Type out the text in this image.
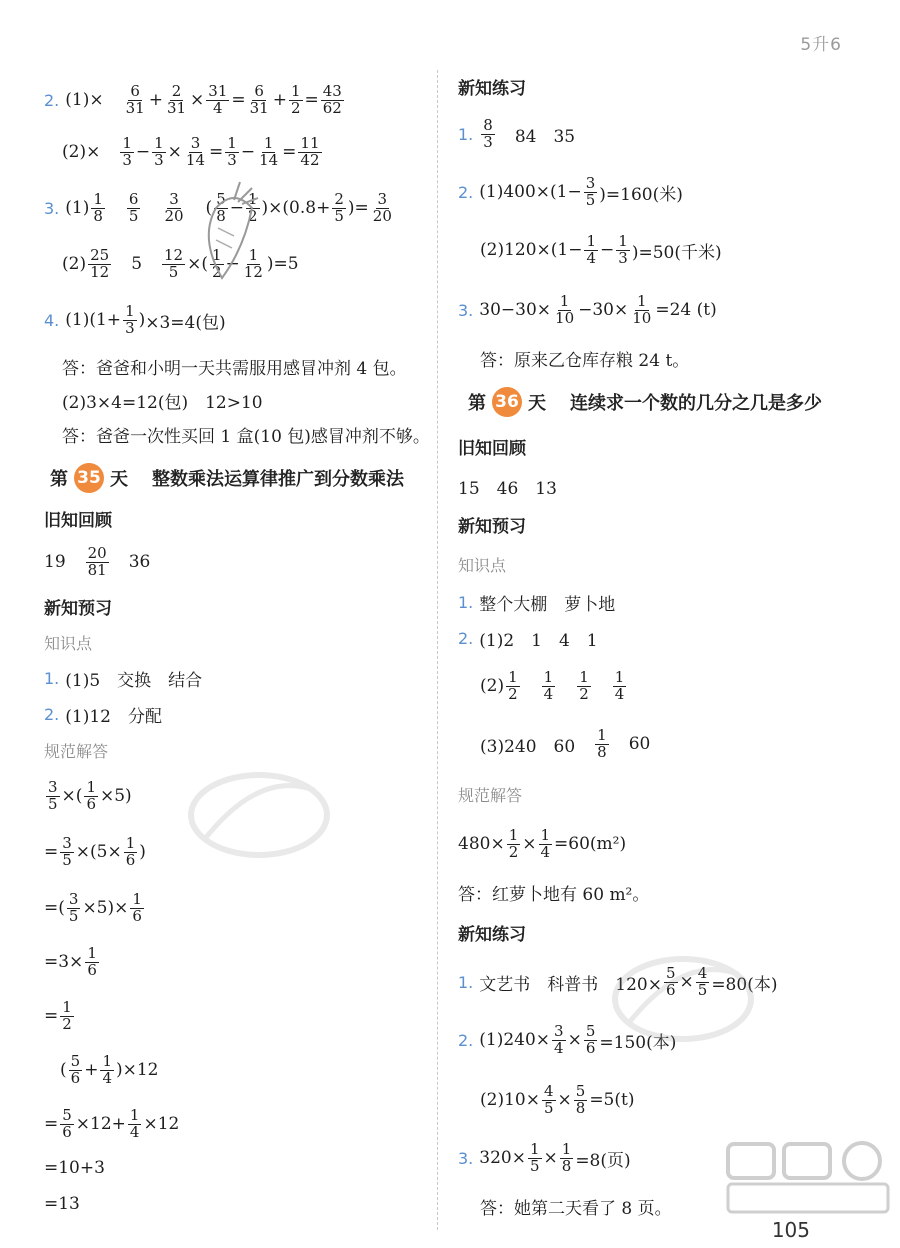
5升6
2. $(1)\times \frac{6}{31} + \frac{2}{31} \times \frac{31}{4} = \frac{6}{31} + \frac{1}{2} = \frac{43}{62}$
$(2)\times \frac{1}{3} - \frac{1}{3} \times \frac{3}{14} = \frac{1}{3} - \frac{1}{14} = \frac{11}{42}$
3. $(1) \frac{1}{8} \frac{6}{5} \frac{3}{20}$ ( $\frac{5}{8} - \frac{1}{2}$ )×( $0.8 + \frac{2}{5}$ )= $\frac{3}{20}$
$(2) \frac{25}{12} 5 \frac{12}{5}$ ×( $\frac{1}{2} - \frac{1}{12}$ ) =5
4. (1) ($1+ \frac{1}{3}$ ) ×3=4(包)
答：爸爸和小明一天共需服用感冒冲剂 4 包。
(2)3×4=12(包)　12>10
答：爸爸一次性买回 1 盒(10 包)感冒冲剂不够。
第 35 天 整数乘法运算律推广到分数乘法
旧知回顾
$19 \frac{20}{81} 36$
新知预习
知识点
1. (1)5　交换　结合
2. (1)12　分配
规范解答
$\frac{3}{5}$ ×( $\frac{1}{6} \times 5$)
= $\frac{3}{5} \times(5\times \frac{1}{6}$ )
=( $\frac{3}{5} \times 5)\times \frac{1}{6}$
$=3\times \frac{1}{6}$
= $\frac{1}{2}$
( $\frac{5}{6} + \frac{1}{4} )\times 12$
= $\frac{5}{6} \times 12+ \frac{1}{4} \times 12$
=10+3
=13
新知练习
1. $\frac{8}{3} 84$　35
2. $(1)400\times(1- \frac{3}{5} )=160$(米)
$(2)120\times(1- \frac{1}{4} - \frac{1}{3} )=50$(千米)
3. $30-30\times \frac{1}{10} -30\times \frac{1}{10} =24$ (t)
答：原来乙仓库存粮 24 t。
第 36 天 连续求一个数的几分之几是多少
旧知回顾
15　46　13
新知预习
知识点
1. 整个大棚　萝卜地
2. (1)2　1　4　1
$(2) \frac{1}{2} \frac{1}{4} \frac{1}{2} \frac{1}{4}$
(3)240　$60 \frac{1}{8} 60$
规范解答
$480\times \frac{1}{2} \times \frac{1}{4} =60(m^2)$
答：红萝卜地有 60 m²。
新知练习
1. 文艺书　科普书　$120\times \frac{5}{6} \times \frac{4}{5} =80$(本)
2. $(1)240\times \frac{3}{4} \times \frac{5}{6} =150$(本)
$(2)10\times \frac{4}{5} \times \frac{5}{8} =5(t)$
3. $320\times \frac{1}{5} \times \frac{1}{8} =8$(页)
答：她第二天看了 8 页。
105
